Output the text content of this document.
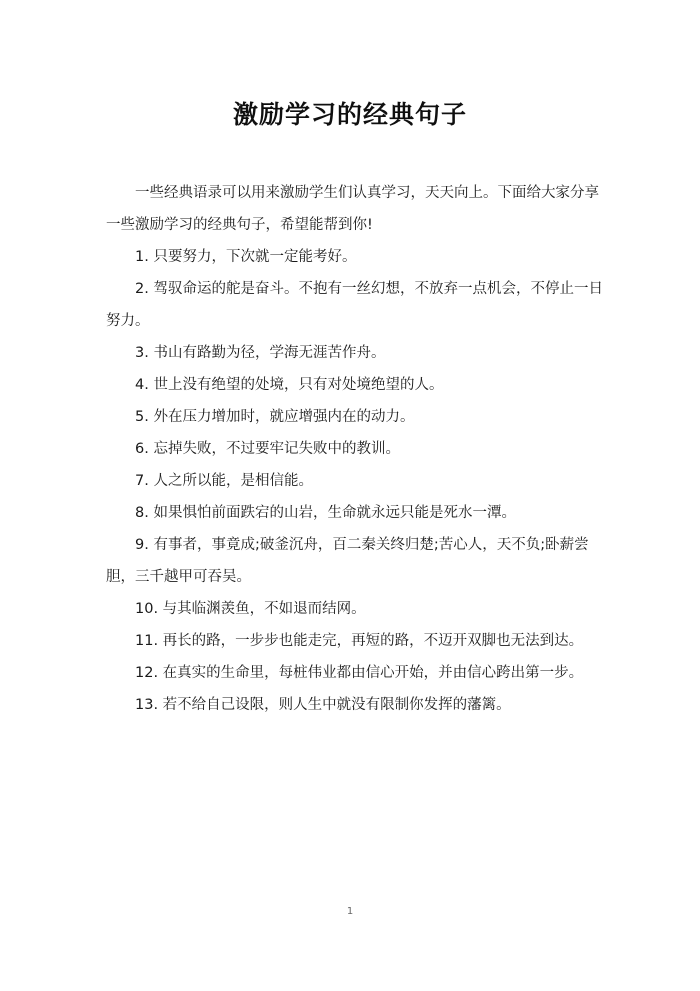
激励学习的经典句子

一些经典语录可以用来激励学生们认真学习，天天向上。下面给大家分享一些激励学习的经典句子，希望能帮到你!

1. 只要努力，下次就一定能考好。

2. 驾驭命运的舵是奋斗。不抱有一丝幻想，不放弃一点机会，不停止一日努力。

3. 书山有路勤为径，学海无涯苦作舟。

4. 世上没有绝望的处境，只有对处境绝望的人。

5. 外在压力增加时，就应增强内在的动力。

6. 忘掉失败，不过要牢记失败中的教训。

7. 人之所以能，是相信能。

8. 如果惧怕前面跌宕的山岩，生命就永远只能是死水一潭。

9. 有事者，事竟成;破釜沉舟，百二秦关终归楚;苦心人，天不负;卧薪尝胆，三千越甲可吞吴。

10. 与其临渊羡鱼，不如退而结网。

11. 再长的路，一步步也能走完，再短的路，不迈开双脚也无法到达。

12. 在真实的生命里，每桩伟业都由信心开始，并由信心跨出第一步。

13. 若不给自己设限，则人生中就没有限制你发挥的藩篱。

1
